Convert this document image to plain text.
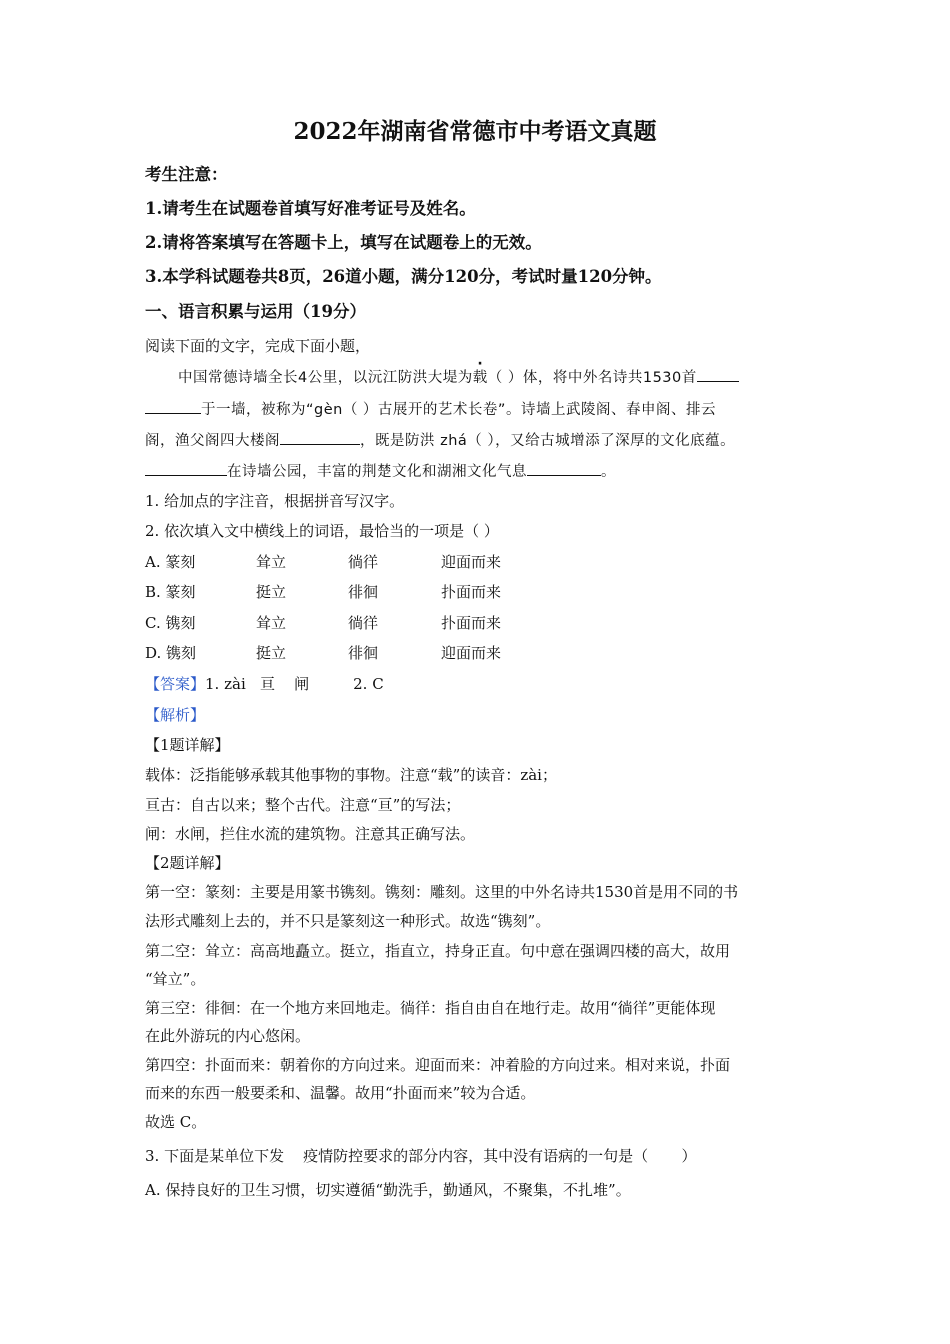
2022年湖南省常德市中考语文真题
考生注意：
1.请考生在试题卷首填写好准考证号及姓名。
2.请将答案填写在答题卡上，填写在试题卷上的无效。
3.本学科试题卷共8页，26道小题，满分120分，考试时量120分钟。
一、语言积累与运用（19分）
阅读下面的文字，完成下面小题，
中国常德诗墙全长4公里，以沅江防洪大堤为载（ ）体，将中外名诗共1530首
于一墙，被称为“gèn（ ）古展开的艺术长卷”。诗墙上武陵阁、春申阁、排云
阁，渔父阁四大楼阁	，既是防洪 zhá（ ），又给古城增添了深厚的文化底蕴。
在诗墙公园，丰富的荆楚文化和湖湘文化气息	。
1. 给加点的字注音，根据拼音写汉字。
2. 依次填入文中横线上的词语，最恰当的一项是（ ）
A. 篆刻	耸立	徜徉	迎面而来
B. 篆刻	挺立	徘徊	扑面而来
C. 镌刻	耸立	徜徉	扑面而来
D. 镌刻	挺立	徘徊	迎面而来
【答案】1. zài   亘    闸	2. C
【解析】
【1题详解】
载体：泛指能够承载其他事物的事物。注意“载”的读音：zài；
亘古：自古以来；整个古代。注意“亘”的写法；
闸：水闸，拦住水流的建筑物。注意其正确写法。
【2题详解】
第一空：篆刻：主要是用篆书镌刻。镌刻：雕刻。这里的中外名诗共1530首是用不同的书
法形式雕刻上去的，并不只是篆刻这一种形式。故选“镌刻”。
第二空：耸立：高高地矗立。挺立，指直立，持身正直。句中意在强调四楼的高大，故用
“耸立”。
第三空：徘徊：在一个地方来回地走。徜徉：指自由自在地行走。故用“徜徉”更能体现
在此外游玩的内心悠闲。
第四空：扑面而来：朝着你的方向过来。迎面而来：冲着脸的方向过来。相对来说，扑面
而来的东西一般要柔和、温馨。故用“扑面而来”较为合适。
故选 C。
3. 下面是某单位下发    疫情防控要求的部分内容，其中没有语病的一句是（       ）
A. 保持良好的卫生习惯，切实遵循“勤洗手，勤通风，不聚集，不扎堆”。
